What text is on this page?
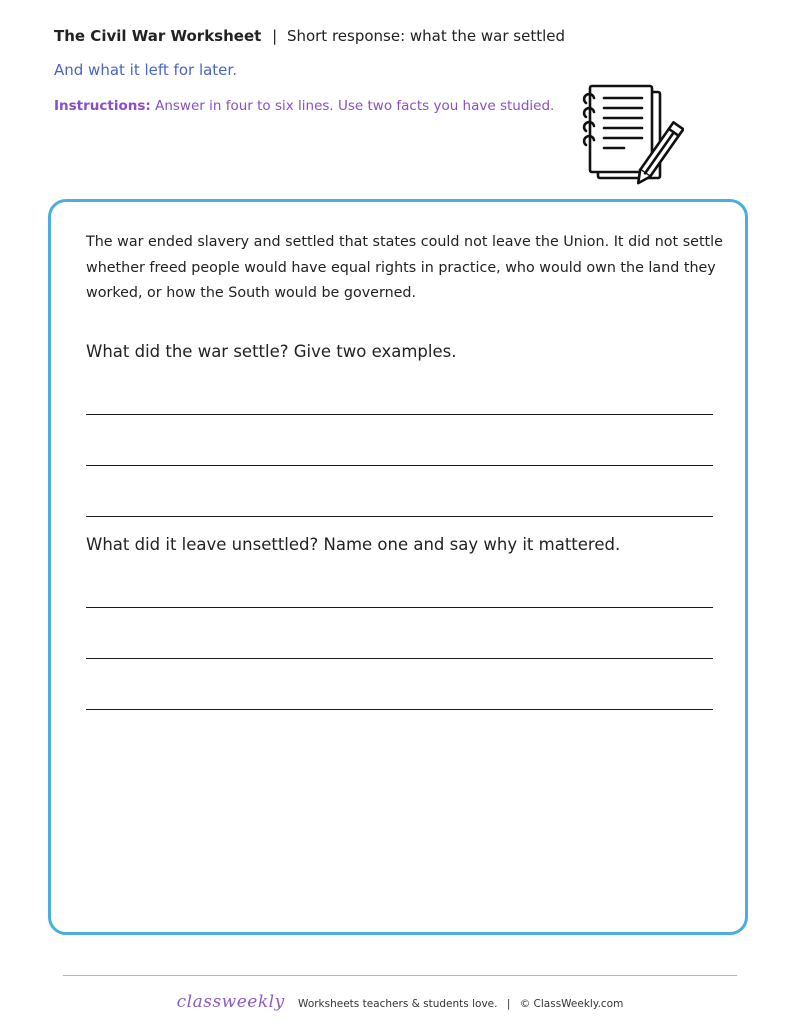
The Civil War Worksheet | Short response: what the war settled
And what it left for later.
Instructions: Answer in four to six lines. Use two facts you have studied.
The war ended slavery and settled that states could not leave the Union. It did not settle whether freed people would have equal rights in practice, who would own the land they worked, or how the South would be governed.
What did the war settle? Give two examples.
What did it leave unsettled? Name one and say why it mattered.
classweekly Worksheets teachers & students love. | © ClassWeekly.com
